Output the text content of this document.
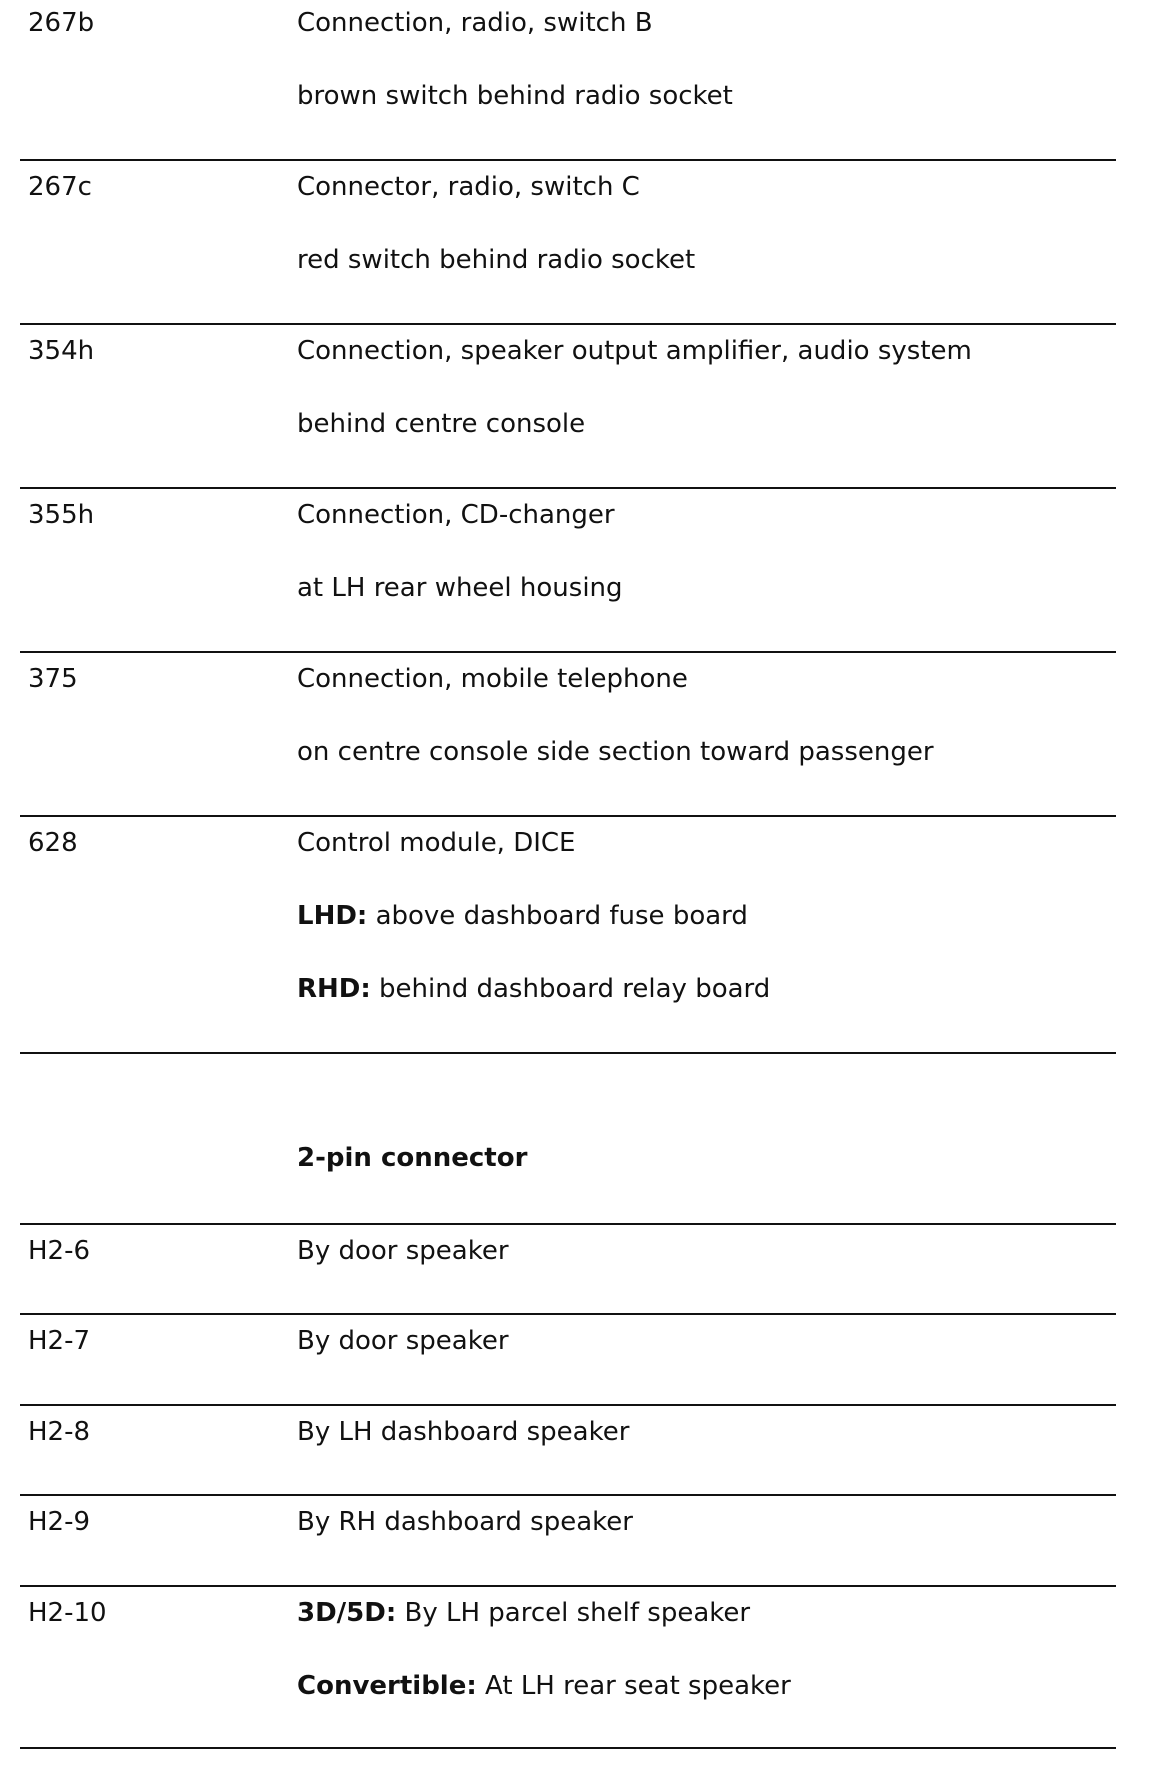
267b	Connection, radio, switch B
brown switch behind radio socket
267c	Connector, radio, switch C
red switch behind radio socket
354h	Connection, speaker output amplifier, audio system
behind centre console
355h	Connection, CD-changer
at LH rear wheel housing
375	Connection, mobile telephone
on centre console side section toward passenger
628	Control module, DICE
LHD: above dashboard fuse board
RHD: behind dashboard relay board
2-pin connector
H2-6	By door speaker
H2-7	By door speaker
H2-8	By LH dashboard speaker
H2-9	By RH dashboard speaker
H2-10	3D/5D: By LH parcel shelf speaker
Convertible: At LH rear seat speaker
